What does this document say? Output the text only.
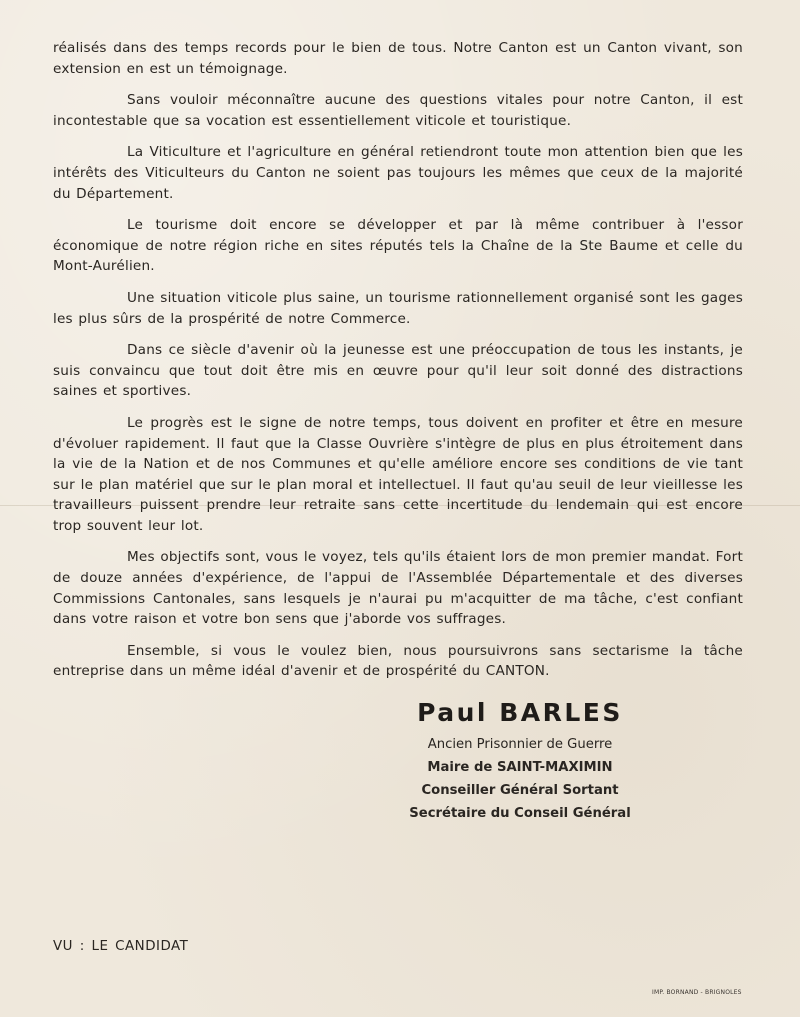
réalisés dans des temps records pour le bien de tous. Notre Canton est un Canton vivant, son extension en est un témoignage.

Sans vouloir méconnaître aucune des questions vitales pour notre Canton, il est incontestable que sa vocation est essentiellement viticole et touristique.

La Viticulture et l'agriculture en général retiendront toute mon attention bien que les intérêts des Viticulteurs du Canton ne soient pas toujours les mêmes que ceux de la majorité du Département.

Le tourisme doit encore se développer et par là même contribuer à l'essor économique de notre région riche en sites réputés tels la Chaîne de la Ste Baume et celle du Mont-Aurélien.

Une situation viticole plus saine, un tourisme rationnellement organisé sont les gages les plus sûrs de la prospérité de notre Commerce.

Dans ce siècle d'avenir où la jeunesse est une préoccupation de tous les instants, je suis convaincu que tout doit être mis en œuvre pour qu'il leur soit donné des distractions saines et sportives.

Le progrès est le signe de notre temps, tous doivent en profiter et être en mesure d'évoluer rapidement. Il faut que la Classe Ouvrière s'intègre de plus en plus étroitement dans la vie de la Nation et de nos Communes et qu'elle améliore encore ses conditions de vie tant sur le plan matériel que sur le plan moral et intellectuel. Il faut qu'au seuil de leur vieillesse les travailleurs puissent prendre leur retraite sans cette incertitude du lendemain qui est encore trop souvent leur lot.

Mes objectifs sont, vous le voyez, tels qu'ils étaient lors de mon premier mandat. Fort de douze années d'expérience, de l'appui de l'Assemblée Départementale et des diverses Commissions Cantonales, sans lesquels je n'aurai pu m'acquitter de ma tâche, c'est confiant dans votre raison et votre bon sens que j'aborde vos suffrages.

Ensemble, si vous le voulez bien, nous poursuivrons sans sectarisme la tâche entreprise dans un même idéal d'avenir et de prospérité du CANTON.

Paul BARLES
Ancien Prisonnier de Guerre
Maire de SAINT-MAXIMIN
Conseiller Général Sortant
Secrétaire du Conseil Général
VU : LE CANDIDAT
IMP. BORNAND - BRIGNOLES
